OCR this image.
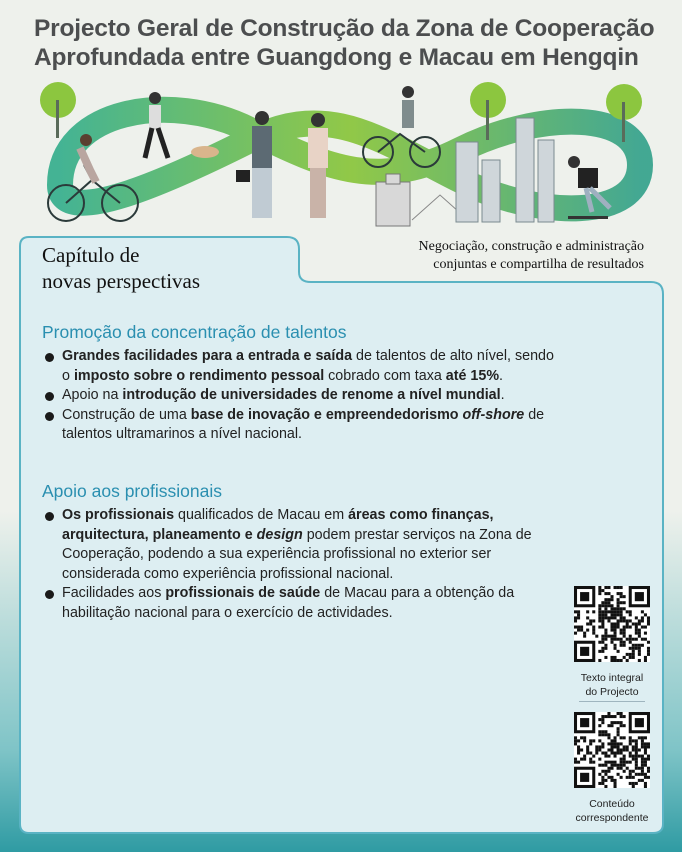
Projecto Geral de Construção da Zona de Cooperação
Aprofundada entre Guangdong e Macau em Hengqin
Capítulo de
novas perspectivas
Negociação, construção e administração
conjuntas e compartilha de resultados
Promoção da concentração de talentos
Grandes facilidades para a entrada e saída de talentos de alto nível, sendo o imposto sobre o rendimento pessoal cobrado com taxa até 15%.
Apoio na introdução de universidades de renome a nível mundial.
Construção de uma base de inovação e empreendedorismo off-shore de talentos ultramarinos a nível nacional.
Apoio aos profissionais
Os profissionais qualificados de Macau em áreas como finanças, arquitectura, planeamento e design podem prestar serviços na Zona de Cooperação, podendo a sua experiência profissional no exterior ser considerada como experiência profissional nacional.
Facilidades aos profissionais de saúde de Macau para a obtenção da habilitação nacional para o exercício de actividades.
Texto integral
do Projecto
Conteúdo
correspondente
